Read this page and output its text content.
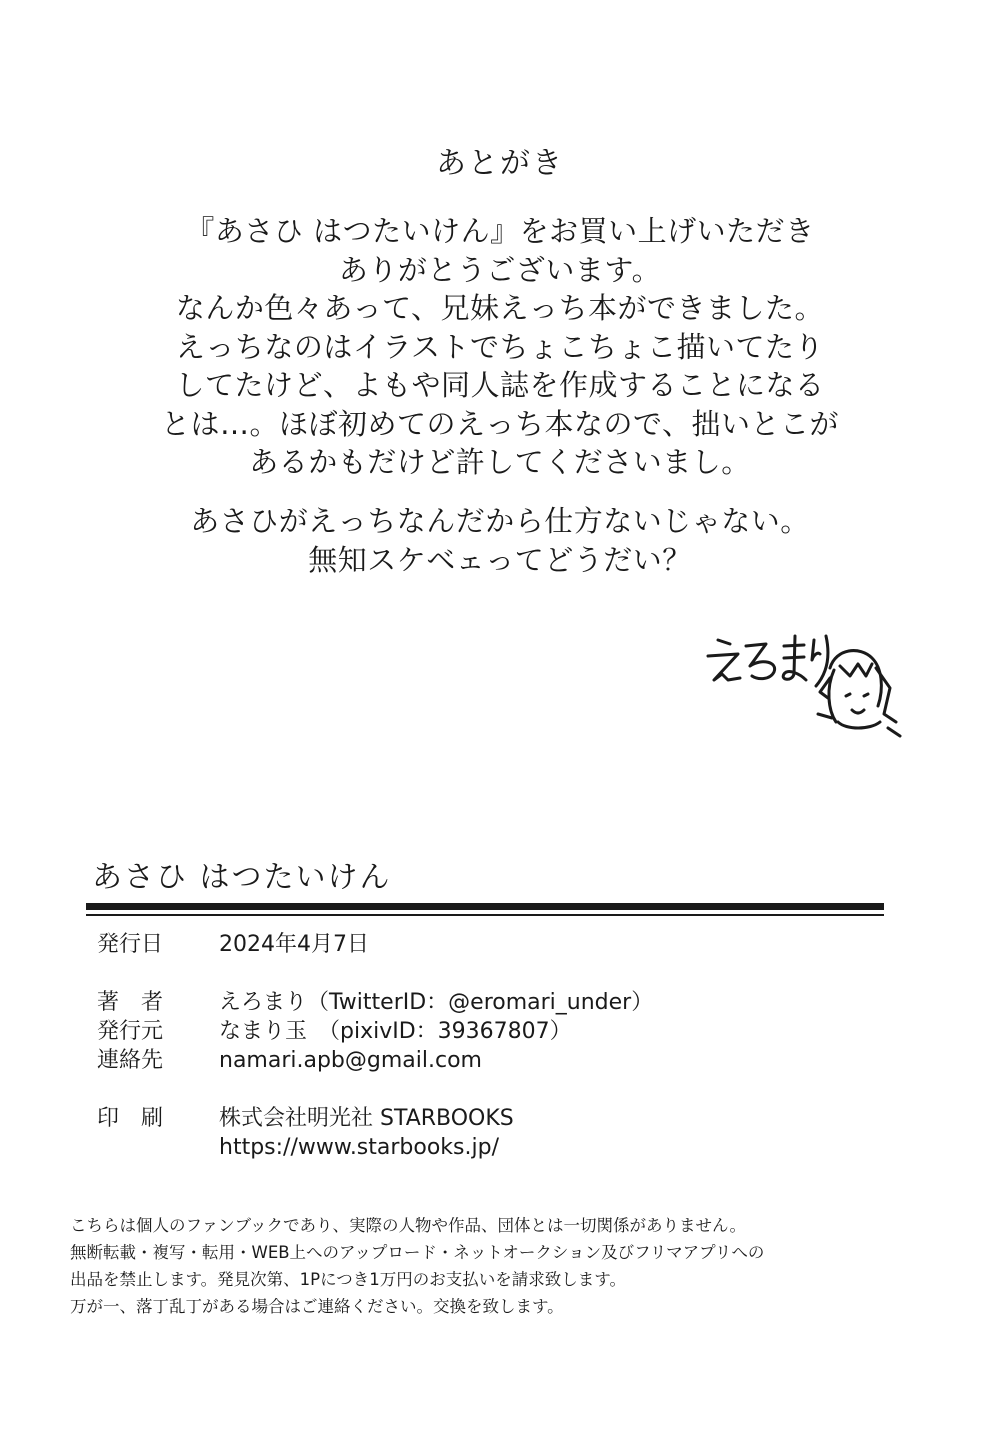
あとがき
『あさひ はつたいけん』をお買い上げいただき
ありがとうございます。
なんか色々あって、兄妹えっち本ができました。
えっちなのはイラストでちょこちょこ描いてたり
してたけど、よもや同人誌を作成することになる
とは…。ほぼ初めてのえっち本なので、拙いとこが
あるかもだけど許してくださいまし。
あさひがえっちなんだから仕方ないじゃない。
無知スケベェってどうだい？
あさひ はつたいけん
発行日	2024年4月7日
著　者	えろまり（TwitterID：@eromari_under）
発行元	なまり玉　（pixivID：39367807）
連絡先	namari.apb@gmail.com
印　刷	株式会社明光社 STARBOOKS
https://www.starbooks.jp/
こちらは個人のファンブックであり、実際の人物や作品、団体とは一切関係がありません。
無断転載・複写・転用・WEB上へのアップロード・ネットオークション及びフリマアプリへの
出品を禁止します。発見次第、1Pにつき1万円のお支払いを請求致します。
万が一、落丁乱丁がある場合はご連絡ください。交換を致します。
